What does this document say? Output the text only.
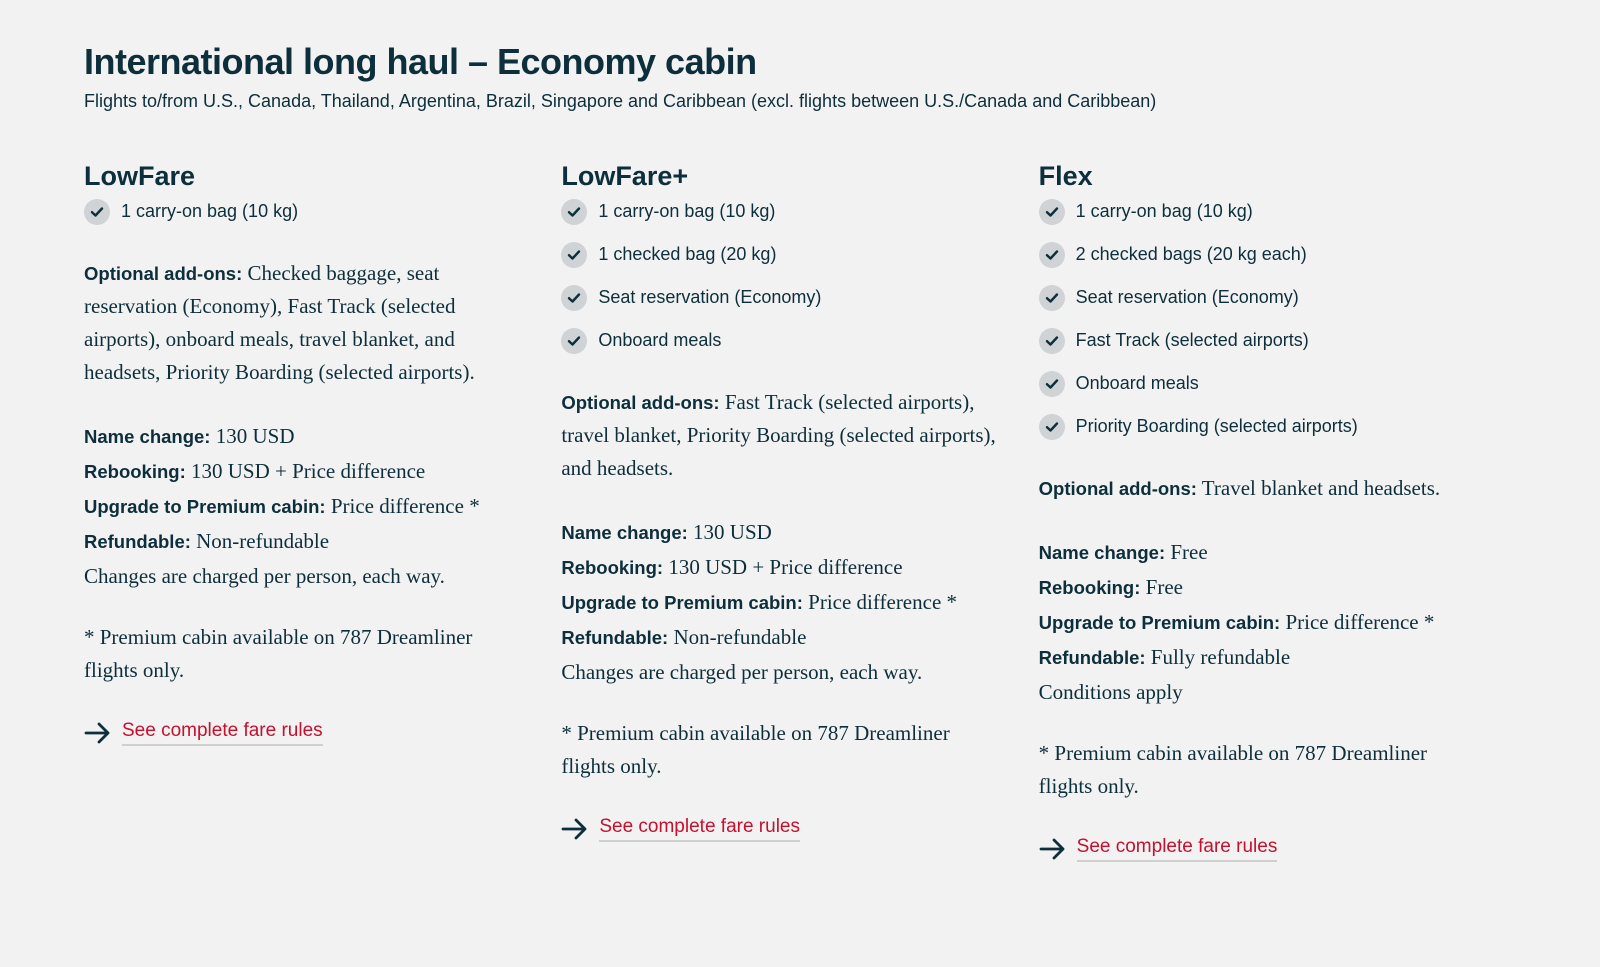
International long haul – Economy cabin

Flights to/from U.S., Canada, Thailand, Argentina, Brazil, Singapore and Caribbean (excl. flights between U.S./Canada and Caribbean)

LowFare
1 carry-on bag (10 kg)
Optional add-ons: Checked baggage, seat reservation (Economy), Fast Track (selected airports), onboard meals, travel blanket, and headsets, Priority Boarding (selected airports).
Name change: 130 USD
Rebooking: 130 USD + Price difference
Upgrade to Premium cabin: Price difference *
Refundable: Non-refundable
Changes are charged per person, each way.
* Premium cabin available on 787 Dreamliner flights only.
See complete fare rules
LowFare+
1 carry-on bag (10 kg)
1 checked bag (20 kg)
Seat reservation (Economy)
Onboard meals
Optional add-ons: Fast Track (selected airports), travel blanket, Priority Boarding (selected airports), and headsets.
Name change: 130 USD
Rebooking: 130 USD + Price difference
Upgrade to Premium cabin: Price difference *
Refundable: Non-refundable
Changes are charged per person, each way.
* Premium cabin available on 787 Dreamliner flights only.
See complete fare rules
Flex
1 carry-on bag (10 kg)
2 checked bags (20 kg each)
Seat reservation (Economy)
Fast Track (selected airports)
Onboard meals
Priority Boarding (selected airports)
Optional add-ons: Travel blanket and headsets.
Name change: Free
Rebooking: Free
Upgrade to Premium cabin: Price difference *
Refundable: Fully refundable
Conditions apply
* Premium cabin available on 787 Dreamliner flights only.
See complete fare rules
